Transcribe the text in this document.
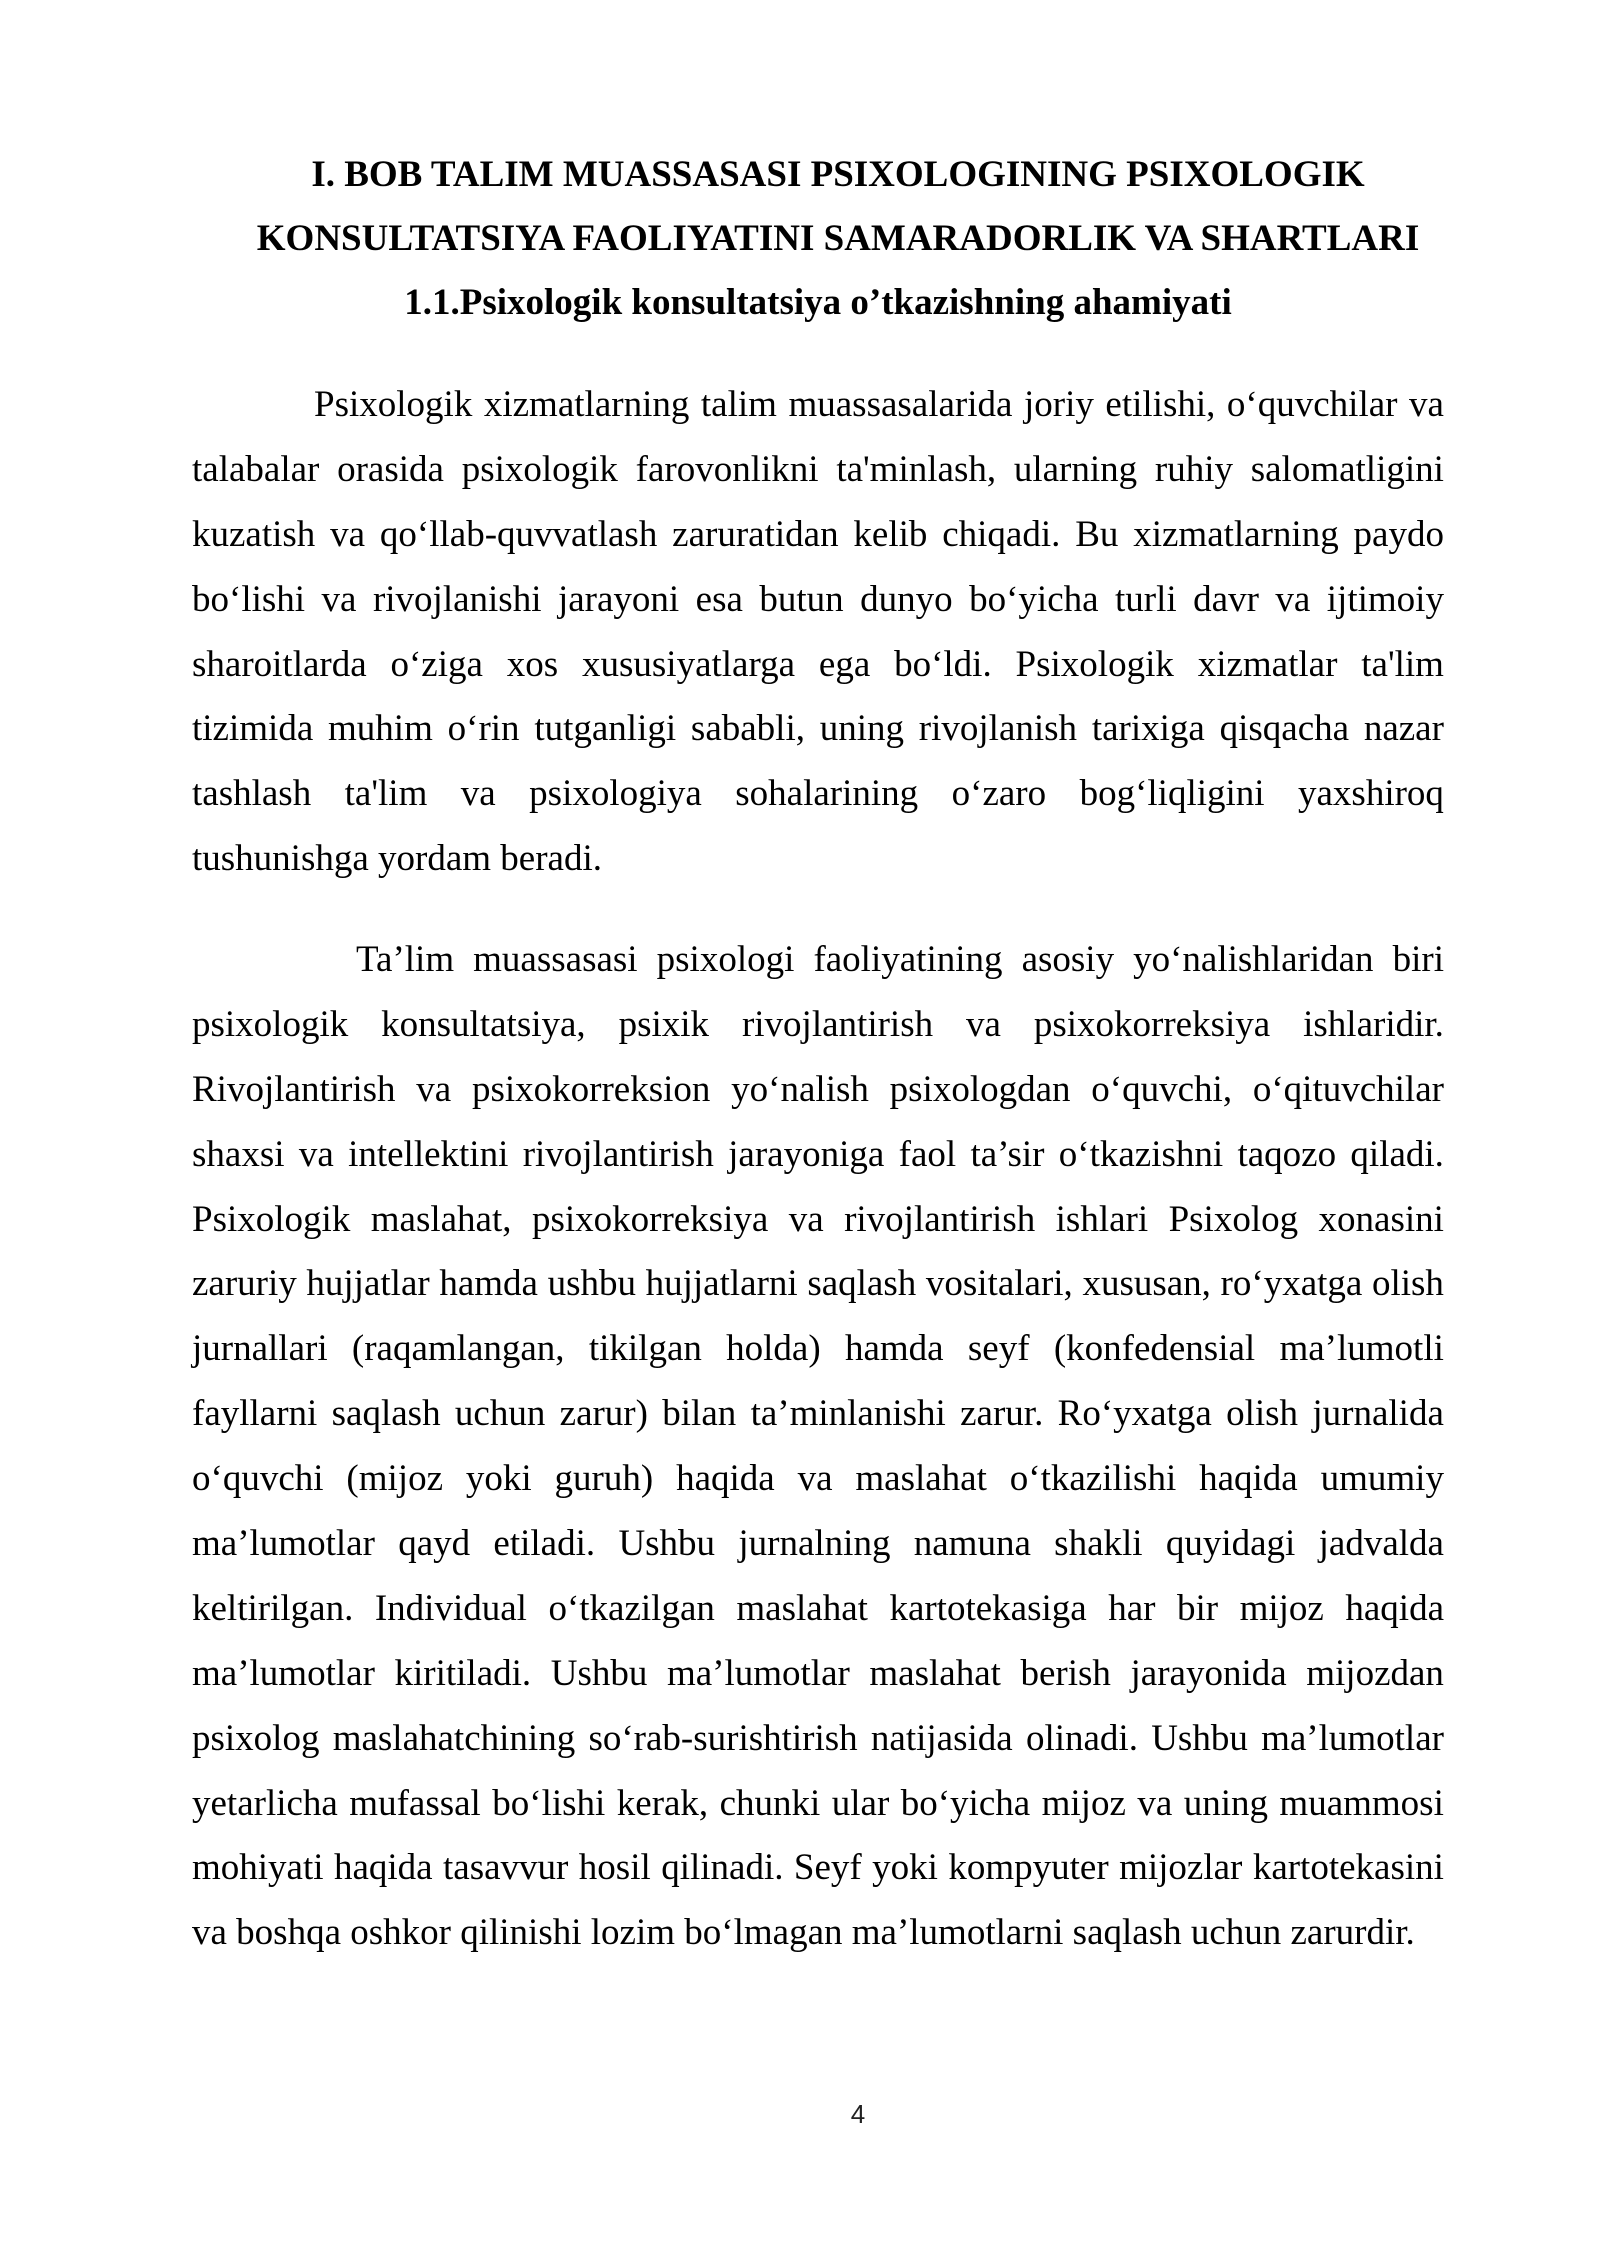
I. BOB TALIM MUASSASASI PSIXOLOGINING PSIXOLOGIK
KONSULTATSIYA FAOLIYATINI SAMARADORLIK VA SHARTLARI
1.1.Psixologik konsultatsiya o’tkazishning ahamiyati
Psixologik xizmatlarning talim muassasalarida joriy etilishi, o‘quvchilar va
talabalar orasida psixologik farovonlikni ta'minlash, ularning ruhiy salomatligini
kuzatish va qo‘llab-quvvatlash zaruratidan kelib chiqadi. Bu xizmatlarning paydo
bo‘lishi va rivojlanishi jarayoni esa butun dunyo bo‘yicha turli davr va ijtimoiy
sharoitlarda o‘ziga xos xususiyatlarga ega bo‘ldi. Psixologik xizmatlar ta'lim
tizimida muhim o‘rin tutganligi sababli, uning rivojlanish tarixiga qisqacha nazar
tashlash ta'lim va psixologiya sohalarining o‘zaro bog‘liqligini yaxshiroq
tushunishga yordam beradi.
Ta’lim muassasasi psixologi faoliyatining asosiy yo‘nalishlaridan biri
psixologik konsultatsiya, psixik rivojlantirish va psixokorreksiya ishlaridir.
Rivojlantirish va psixokorreksion yo‘nalish psixologdan o‘quvchi, o‘qituvchilar
shaxsi va intellektini rivojlantirish jarayoniga faol ta’sir o‘tkazishni taqozo qiladi.
Psixologik maslahat, psixokorreksiya va rivojlantirish ishlari Psixolog xonasini
zaruriy hujjatlar hamda ushbu hujjatlarni saqlash vositalari, xususan, ro‘yxatga olish
jurnallari (raqamlangan, tikilgan holda) hamda seyf (konfedensial ma’lumotli
fayllarni saqlash uchun zarur) bilan ta’minlanishi zarur. Ro‘yxatga olish jurnalida
o‘quvchi (mijoz yoki guruh) haqida va maslahat o‘tkazilishi haqida umumiy
ma’lumotlar qayd etiladi. Ushbu jurnalning namuna shakli quyidagi jadvalda
keltirilgan. Individual o‘tkazilgan maslahat kartotekasiga har bir mijoz haqida
ma’lumotlar kiritiladi. Ushbu ma’lumotlar maslahat berish jarayonida mijozdan
psixolog maslahatchining so‘rab-surishtirish natijasida olinadi. Ushbu ma’lumotlar
yetarlicha mufassal bo‘lishi kerak, chunki ular bo‘yicha mijoz va uning muammosi
mohiyati haqida tasavvur hosil qilinadi. Seyf yoki kompyuter mijozlar kartotekasini
va boshqa oshkor qilinishi lozim bo‘lmagan ma’lumotlarni saqlash uchun zarurdir.
4
